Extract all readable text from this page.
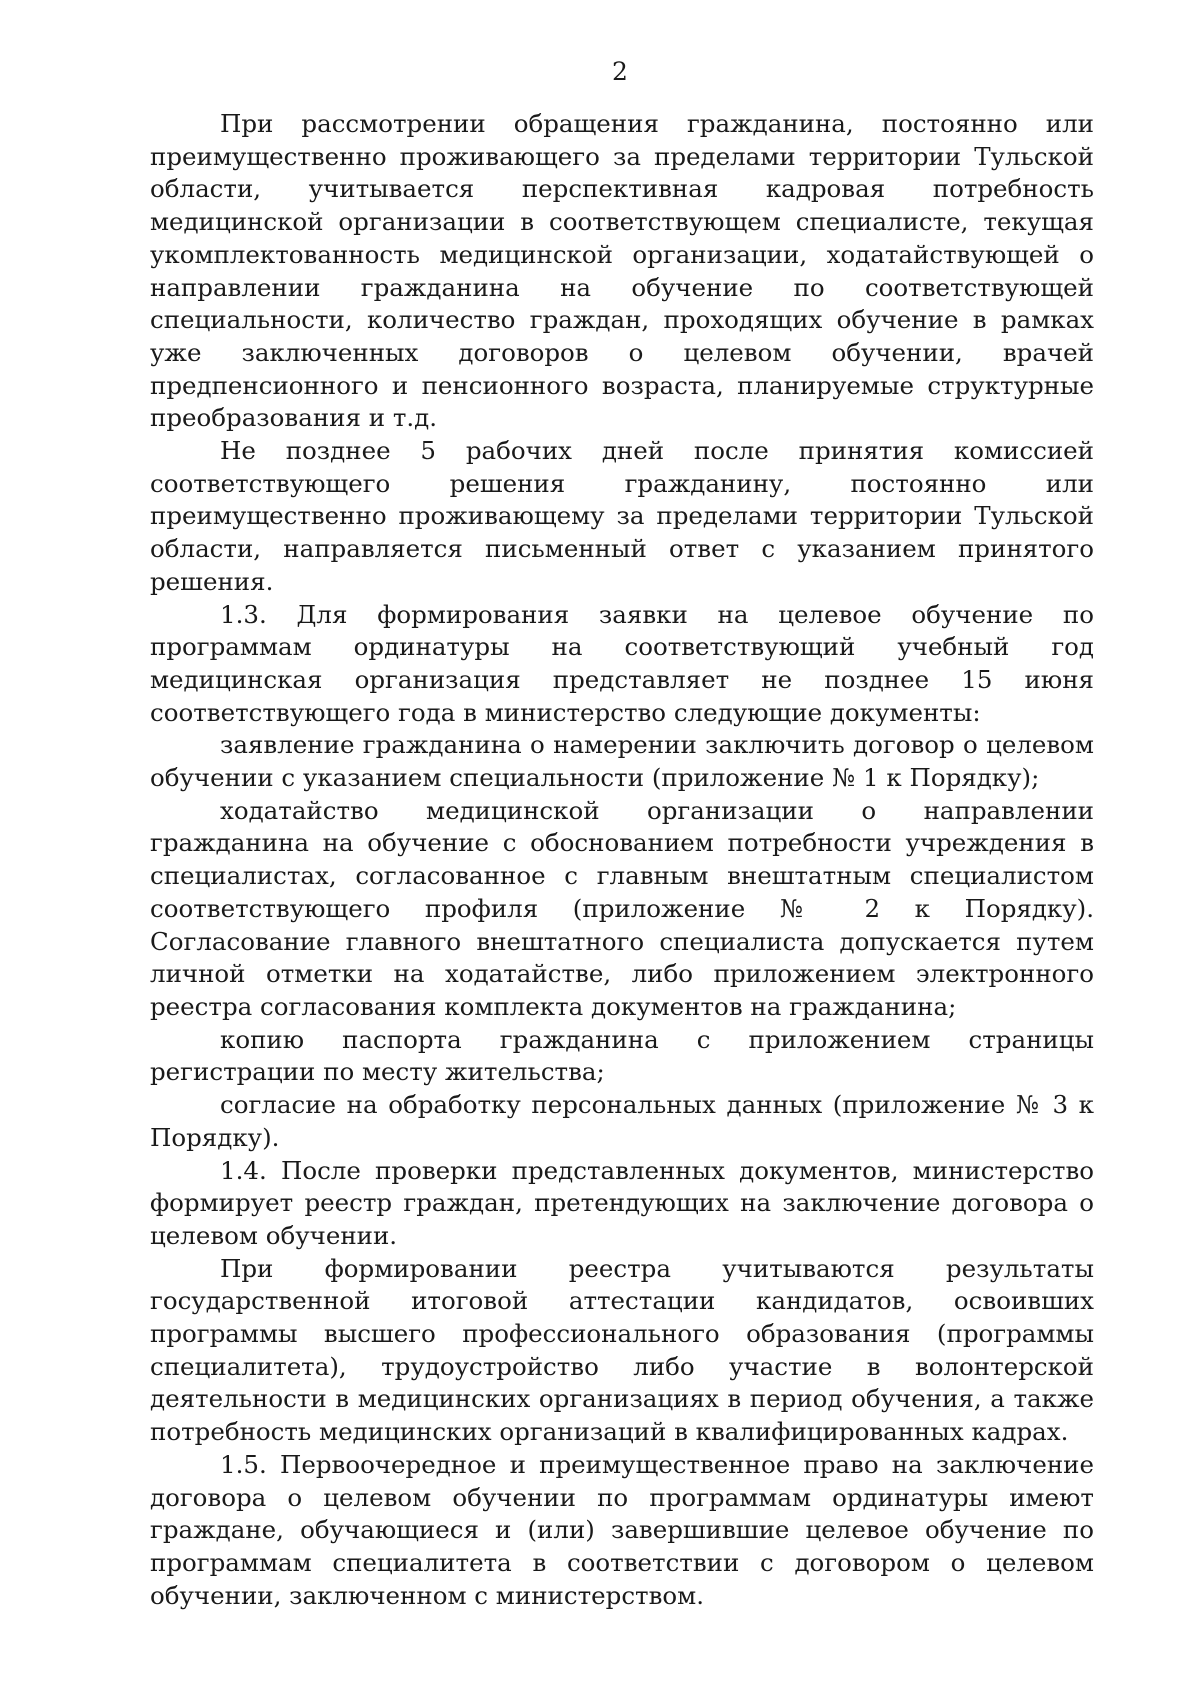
2

При рассмотрении обращения гражданина, постоянно или преимущественно проживающего за пределами территории Тульской области, учитывается перспективная кадровая потребность медицинской организации в соответствующем специалисте, текущая укомплектованность медицинской организации, ходатайствующей о направлении гражданина на обучение по соответствующей специальности, количество граждан, проходящих обучение в рамках уже заключенных договоров о целевом обучении, врачей предпенсионного и пенсионного возраста, планируемые структурные преобразования и т.д.

Не позднее 5 рабочих дней после принятия комиссией соответствующего решения гражданину, постоянно или преимущественно проживающему за пределами территории Тульской области, направляется письменный ответ с указанием принятого решения.

1.3. Для формирования заявки на целевое обучение по программам ординатуры на соответствующий учебный год медицинская организация представляет не позднее 15 июня соответствующего года в министерство следующие документы:

заявление гражданина о намерении заключить договор о целевом обучении с указанием специальности (приложение № 1 к Порядку);

ходатайство медицинской организации о направлении гражданина на обучение с обоснованием потребности учреждения в специалистах, согласованное с главным внештатным специалистом соответствующего профиля (приложение № 2 к Порядку). Согласование главного внештатного специалиста допускается путем личной отметки на ходатайстве, либо приложением электронного реестра согласования комплекта документов на гражданина;

копию паспорта гражданина с приложением страницы регистрации по месту жительства;

согласие на обработку персональных данных (приложение № 3 к Порядку).

1.4. После проверки представленных документов, министерство формирует реестр граждан, претендующих на заключение договора о целевом обучении.

При формировании реестра учитываются результаты государственной итоговой аттестации кандидатов, освоивших программы высшего профессионального образования (программы специалитета), трудоустройство либо участие в волонтерской деятельности в медицинских организациях в период обучения, а также потребность медицинских организаций в квалифицированных кадрах.

1.5. Первоочередное и преимущественное право на заключение договора о целевом обучении по программам ординатуры имеют граждане, обучающиеся и (или) завершившие целевое обучение по программам специалитета в соответствии с договором о целевом обучении, заключенном с министерством.
